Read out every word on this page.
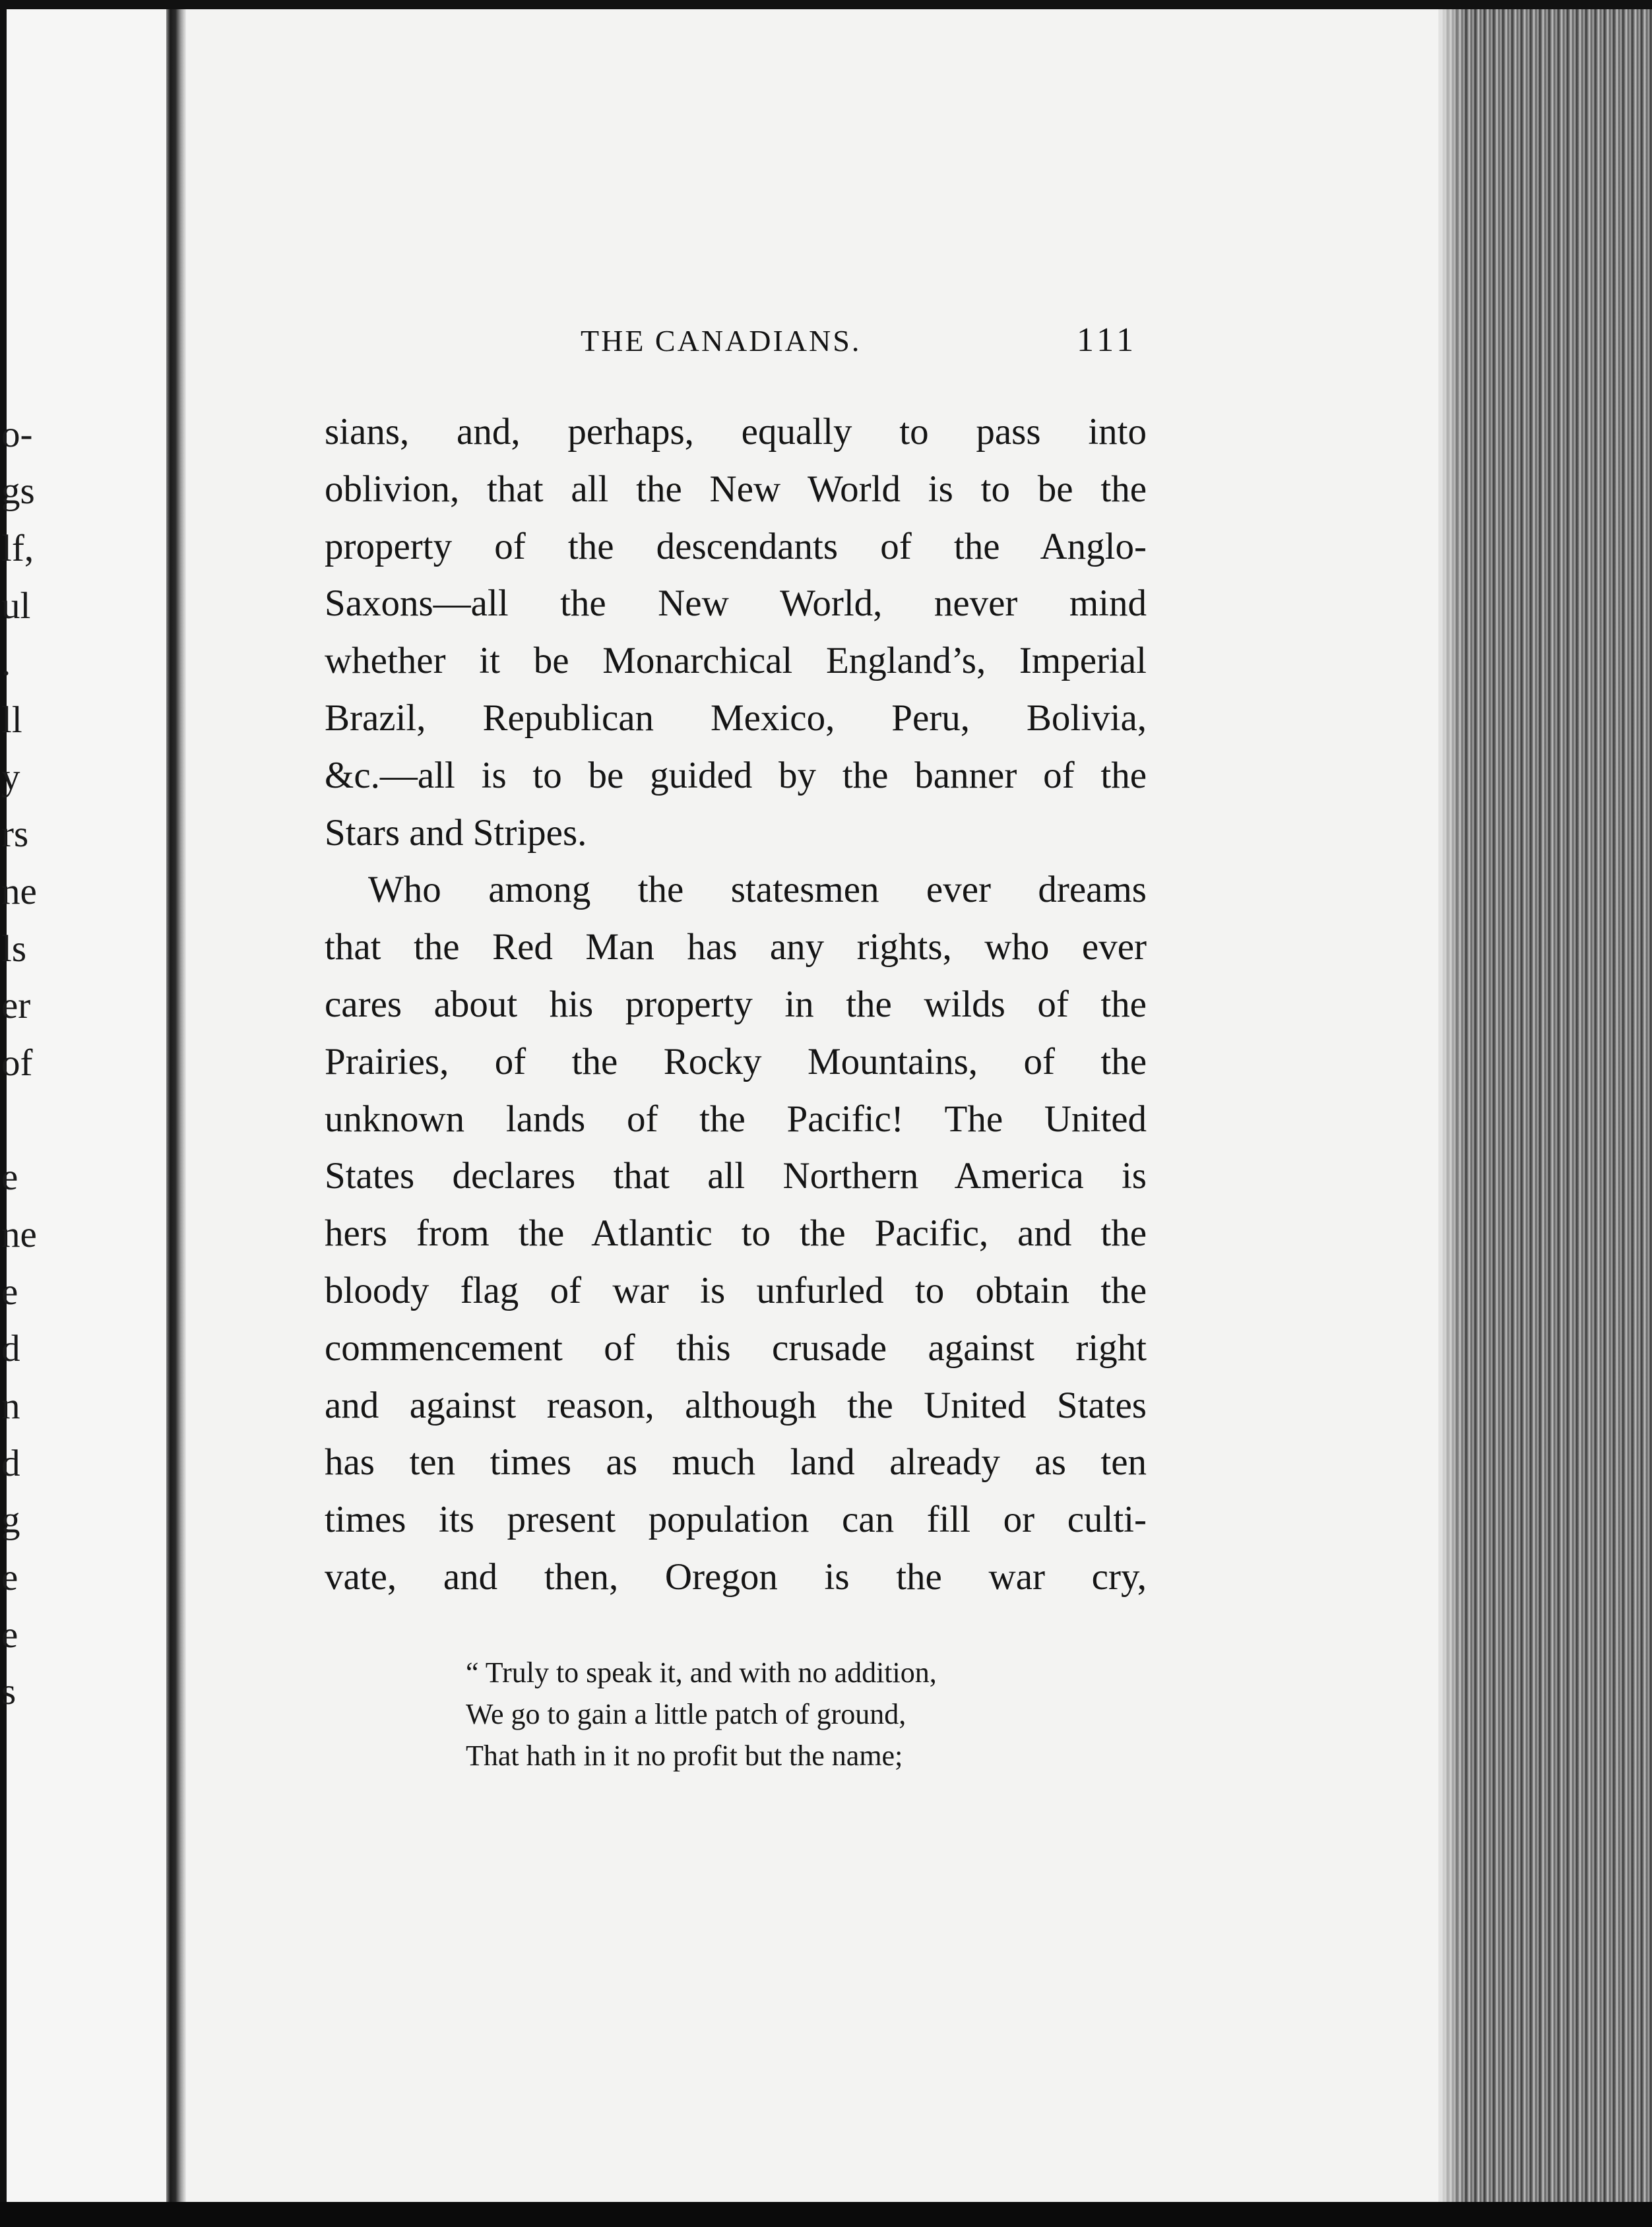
o-
gs
lf,
ul
.
ll
y
rs
ne
ls
er
of
e
ne
e
d
n
d
g
e
e
s
THE CANADIANS.	111
sians, and, perhaps, equally to pass into
oblivion, that all the New World is to be the
property of the descendants of the Anglo-
Saxons—all the New World, never mind
whether it be Monarchical England’s, Imperial
Brazil, Republican Mexico, Peru, Bolivia,
&c.—all is to be guided by the banner of the
Stars and Stripes.
Who among the statesmen ever dreams
that the Red Man has any rights, who ever
cares about his property in the wilds of the
Prairies, of the Rocky Mountains, of the
unknown lands of the Pacific! The United
States declares that all Northern America is
hers from the Atlantic to the Pacific, and the
bloody flag of war is unfurled to obtain the
commencement of this crusade against right
and against reason, although the United States
has ten times as much land already as ten
times its present population can fill or culti-
vate, and then, Oregon is the war cry,
“ Truly to speak it, and with no addition,
We go to gain a little patch of ground,
That hath in it no profit but the name;
